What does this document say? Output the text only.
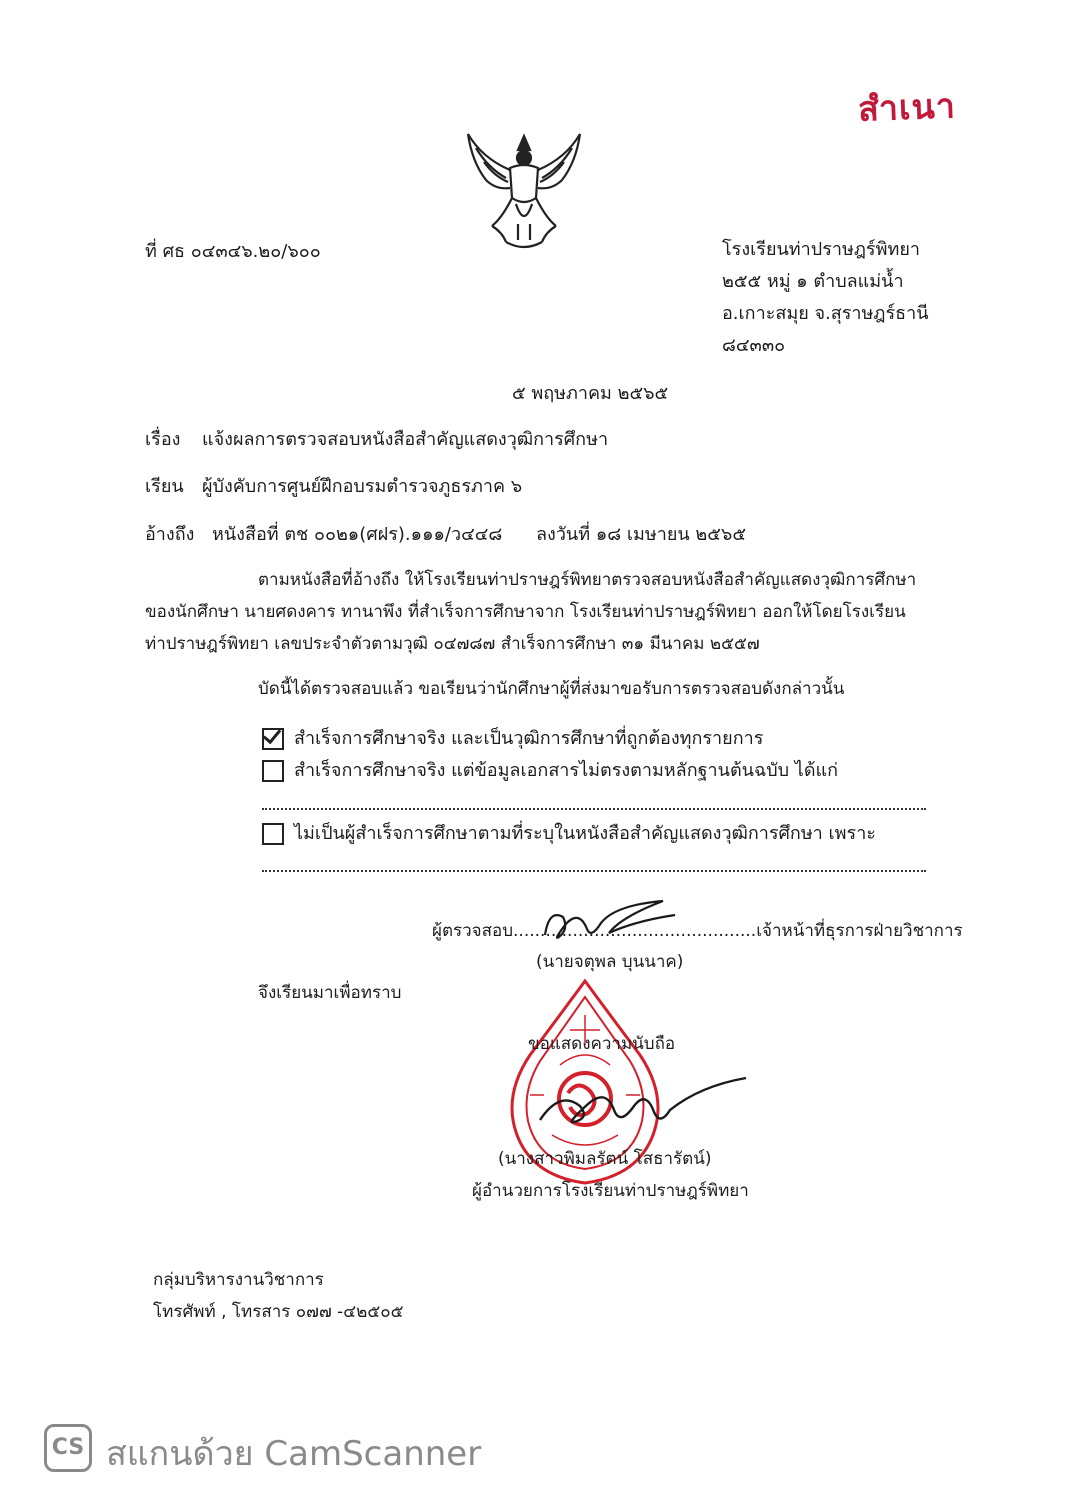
สำเนา
ที่ ศธ ๐๔๓๔๖.๒๐/๖๐๐	โรงเรียนท่าปราษฎร์พิทยา
๒๕๕ หมู่ ๑ ตำบลแม่น้ำ
อ.เกาะสมุย จ.สุราษฎร์ธานี
๘๔๓๓๐
๕ พฤษภาคม ๒๕๖๕
เรื่อง แจ้งผลการตรวจสอบหนังสือสำคัญแสดงวุฒิการศึกษา
เรียน ผู้บังคับการศูนย์ฝึกอบรมตำรวจภูธรภาค ๖
อ้างถึง หนังสือที่ ตช ๐๐๒๑(ศฝร).๑๑๑/ว๔๔๘ ลงวันที่ ๑๘ เมษายน ๒๕๖๕
ตามหนังสือที่อ้างถึง ให้โรงเรียนท่าปราษฎร์พิทยาตรวจสอบหนังสือสำคัญแสดงวุฒิการศึกษา
ของนักศึกษา นายศดงคาร ทานาพึง ที่สำเร็จการศึกษาจาก โรงเรียนท่าปราษฎร์พิทยา ออกให้โดยโรงเรียน
ท่าปราษฎร์พิทยา เลขประจำตัวตามวุฒิ ๐๔๗๘๗ สำเร็จการศึกษา ๓๑ มีนาคม ๒๕๕๗
บัดนี้ได้ตรวจสอบแล้ว ขอเรียนว่านักศึกษาผู้ที่ส่งมาขอรับการตรวจสอบดังกล่าวนั้น
สำเร็จการศึกษาจริง และเป็นวุฒิการศึกษาที่ถูกต้องทุกรายการ
สำเร็จการศึกษาจริง แต่ข้อมูลเอกสารไม่ตรงตามหลักฐานต้นฉบับ ได้แก่
ไม่เป็นผู้สำเร็จการศึกษาตามที่ระบุในหนังสือสำคัญแสดงวุฒิการศึกษา เพราะ
ผู้ตรวจสอบ.............................................เจ้าหน้าที่ธุรการฝ่ายวิชาการ
(นายจตุพล บุนนาค)
จึงเรียนมาเพื่อทราบ
ขอแสดงความนับถือ
(นางสาวพิมลรัตน์ โสธารัตน์)
ผู้อำนวยการโรงเรียนท่าปราษฎร์พิทยา
กลุ่มบริหารงานวิชาการ
โทรศัพท์ , โทรสาร ๐๗๗ -๔๒๕๐๕
CS สแกนด้วย CamScanner
